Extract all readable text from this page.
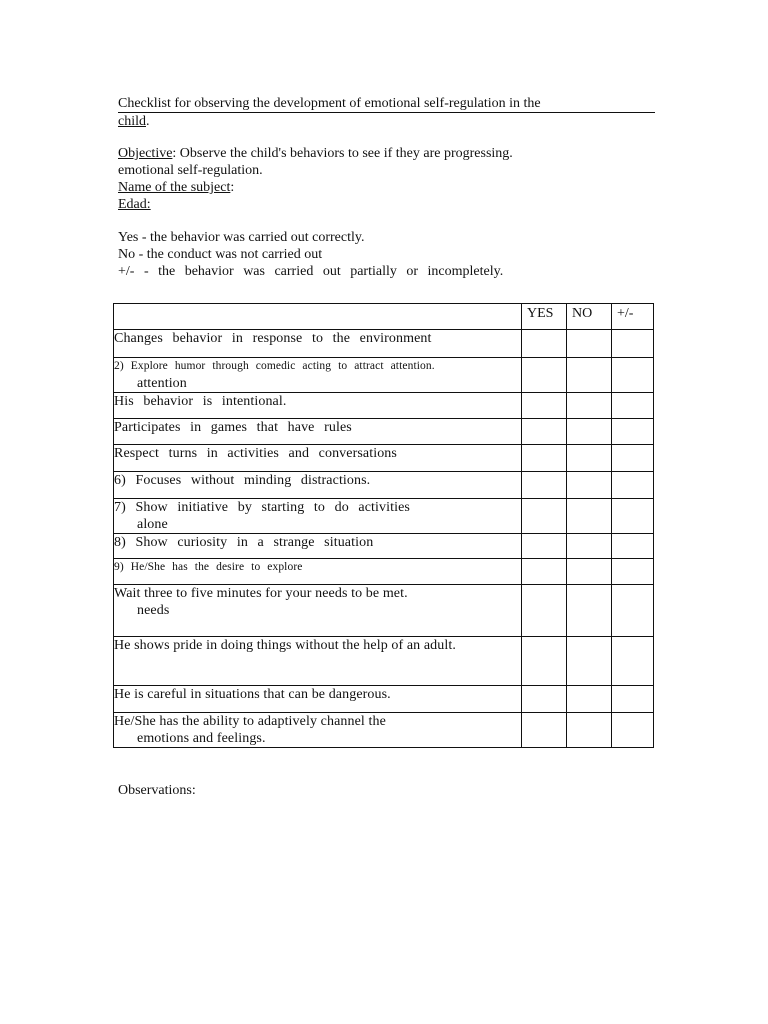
Checklist for observing the development of emotional self-regulation in the
child.
Objective: Observe the child's behaviors to see if they are progressing.
emotional self-regulation.
Name of the subject:
Edad:
Yes - the behavior was carried out correctly.
No - the conduct was not carried out
+/- - the behavior was carried out partially or incompletely.
	YES	NO	+/-
Changes behavior in response to the environment			
2) Explore humor through comedic acting to attract attention.
attention			

His behavior is intentional.			
Participates in games that have rules			
Respect turns in activities and conversations			
6) Focuses without minding distractions.			
7) Show initiative by starting to do activities
alone			

8) Show curiosity in a strange situation			
9) He/She has the desire to explore			
Wait three to five minutes for your needs to be met.
needs			

He shows pride in doing things without the help of an adult.			
He is careful in situations that can be dangerous.			
He/She has the ability to adaptively channel the
emotions and feelings.			

Observations:
